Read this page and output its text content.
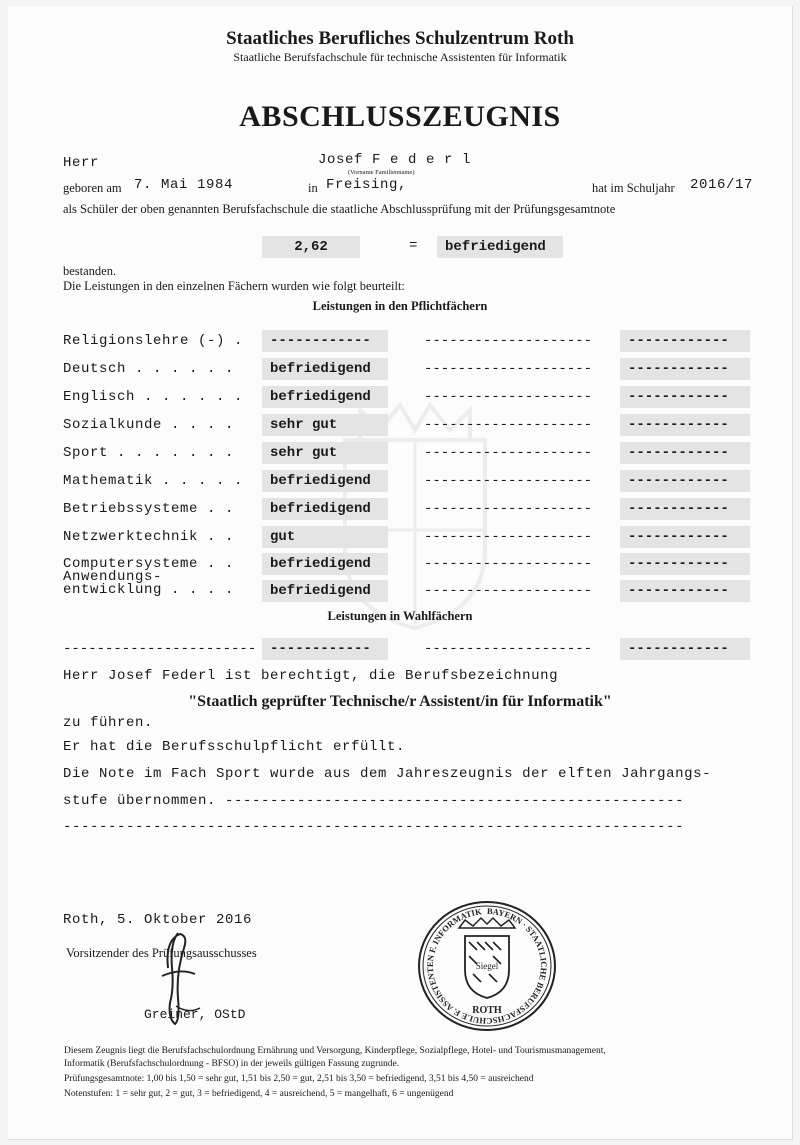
Staatliches Berufliches Schulzentrum Roth
Staatliche Berufsfachschule für technische Assistenten für Informatik
ABSCHLUSSZEUGNIS
Herr	Josef F e d e r l
(Vorname Familienname)
geboren am 7. Mai 1984	in Freising,	hat im Schuljahr 2016/17
als Schüler der oben genannten Berufsfachschule die staatliche Abschlussprüfung mit der Prüfungsgesamtnote
2,62	=	befriedigend
bestanden.
Die Leistungen in den einzelnen Fächern wurden wie folgt beurteilt:
Leistungen in den Pflichtfächern
Religionslehre (-) .	------------	--------------------	------------
Deutsch . . . . . .	befriedigend	--------------------	------------
Englisch . . . . . .	befriedigend	--------------------	------------
Sozialkunde . . . .	sehr gut	--------------------	------------
Sport . . . . . . .	sehr gut	--------------------	------------
Mathematik . . . . .	befriedigend	--------------------	------------
Betriebssysteme . .	befriedigend	--------------------	------------
Netzwerktechnik . .	gut	--------------------	------------
Computersysteme . .	befriedigend	--------------------	------------
Anwendungs-
entwicklung . . . .	befriedigend	--------------------	------------
Leistungen in Wahlfächern
----------------------- ------------	--------------------	------------
Herr Josef Federl ist berechtigt, die Berufsbezeichnung
"Staatlich geprüfter Technische/r Assistent/in für Informatik"
zu führen.
Er hat die Berufsschulpflicht erfüllt.
Die Note im Fach Sport wurde aus dem Jahreszeugnis der elften Jahrgangs-
stufe übernommen. ---------------------------------------------------
---------------------------------------------------------------------
Roth, 5. Oktober 2016
Vorsitzender des Prüfungsausschusses
Greiner, OStD
BAYERN · STAATLICHE BERUFSFACHSCHULE F. ASSISTENTEN F. INFORMATIK
Siegel
ROTH
Diesem Zeugnis liegt die Berufsfachschulordnung Ernährung und Versorgung, Kinderpflege, Sozialpflege, Hotel- und Tourismusmanagement,
Informatik (Berufsfachschulordnung - BFSO) in der jeweils gültigen Fassung zugrunde.
Prüfungsgesamtnote: 1,00 bis 1,50 = sehr gut, 1,51 bis 2,50 = gut, 2,51 bis 3,50 = befriedigend, 3,51 bis 4,50 = ausreichend
Notenstufen: 1 = sehr gut, 2 = gut, 3 = befriedigend, 4 = ausreichend, 5 = mangelhaft, 6 = ungenügend
